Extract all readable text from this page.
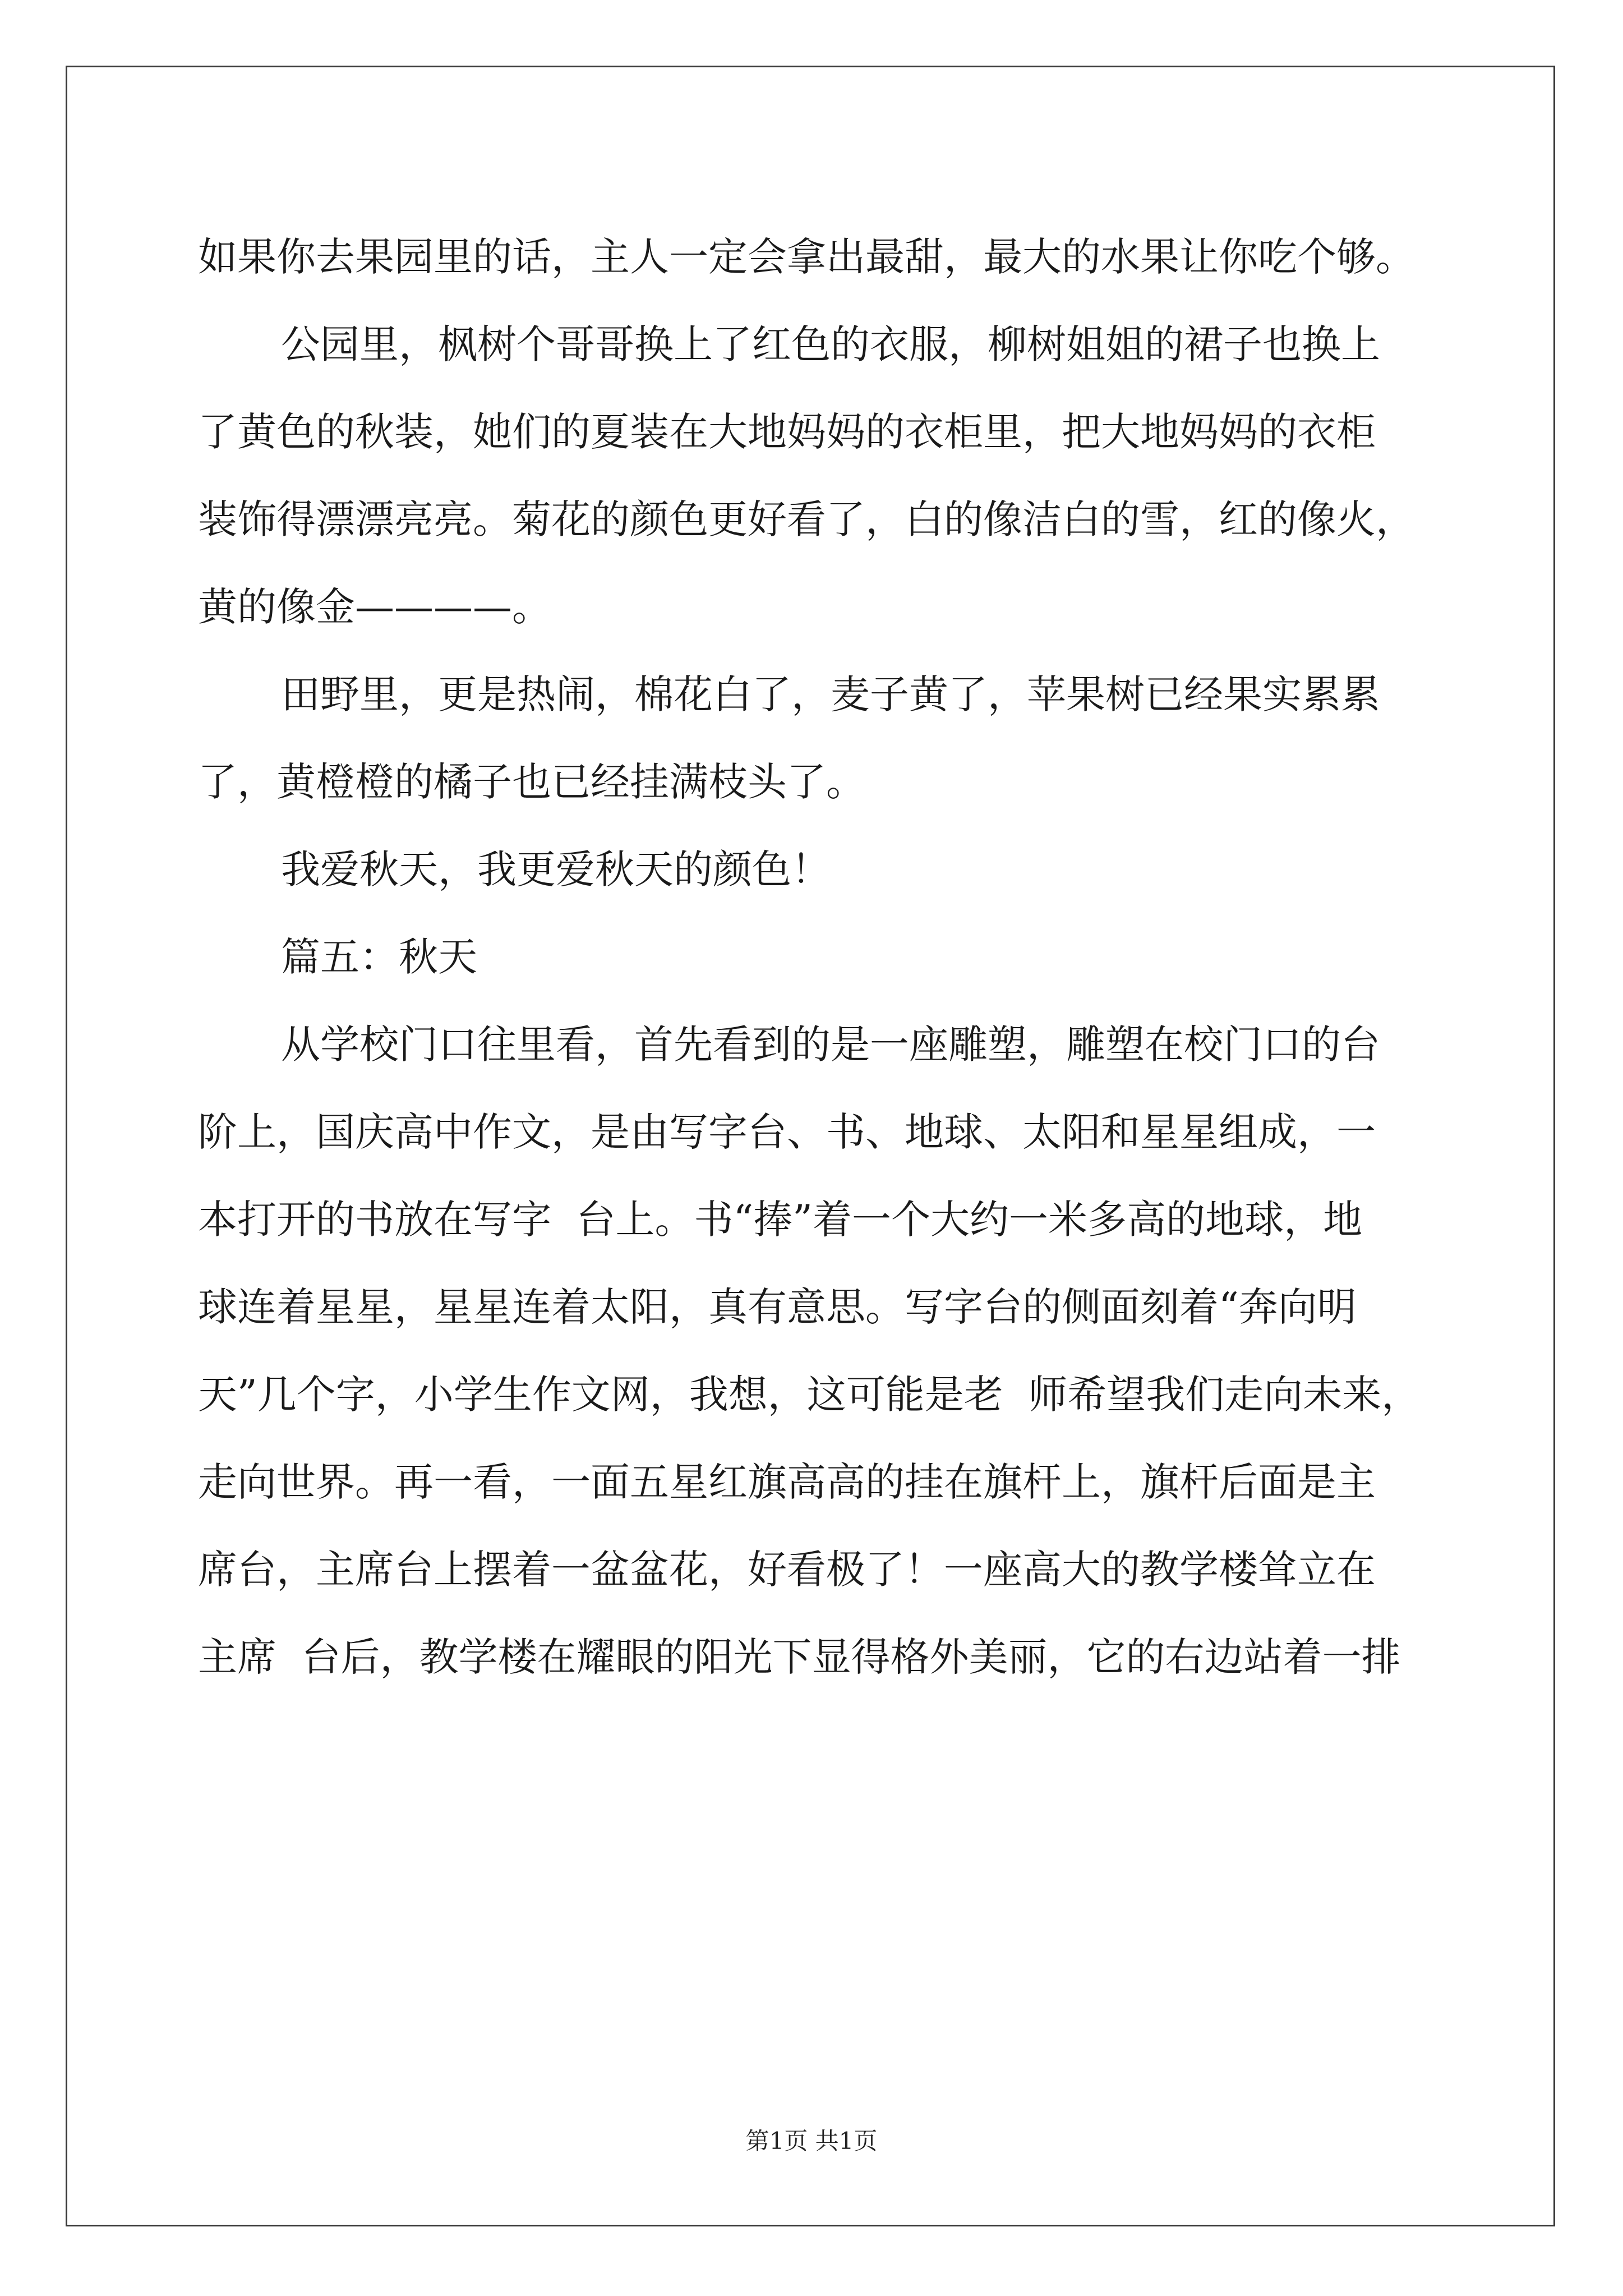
如果你去果园里的话，主人一定会拿出最甜，最大的水果让你吃个够。
公园里，枫树个哥哥换上了红色的衣服，柳树姐姐的裙子也换上
了黄色的秋装，她们的夏装在大地妈妈的衣柜里，把大地妈妈的衣柜
装饰得漂漂亮亮。菊花的颜色更好看了，白的像洁白的雪，红的像火，
黄的像金————。
田野里，更是热闹，棉花白了，麦子黄了，苹果树已经果实累累
了，黄橙橙的橘子也已经挂满枝头了。
我爱秋天，我更爱秋天的颜色！
篇五：秋天
从学校门口往里看，首先看到的是一座雕塑，雕塑在校门口的台
阶上，国庆高中作文，是由写字台、书、地球、太阳和星星组成，一
本打开的书放在写字  台上。书“捧”着一个大约一米多高的地球，地
球连着星星，星星连着太阳，真有意思。写字台的侧面刻着“奔向明
天”几个字，小学生作文网，我想，这可能是老  师希望我们走向未来，
走向世界。再一看，一面五星红旗高高的挂在旗杆上，旗杆后面是主
席台，主席台上摆着一盆盆花，好看极了！一座高大的教学楼耸立在
主席  台后，教学楼在耀眼的阳光下显得格外美丽，它的右边站着一排
第1页 共1页
